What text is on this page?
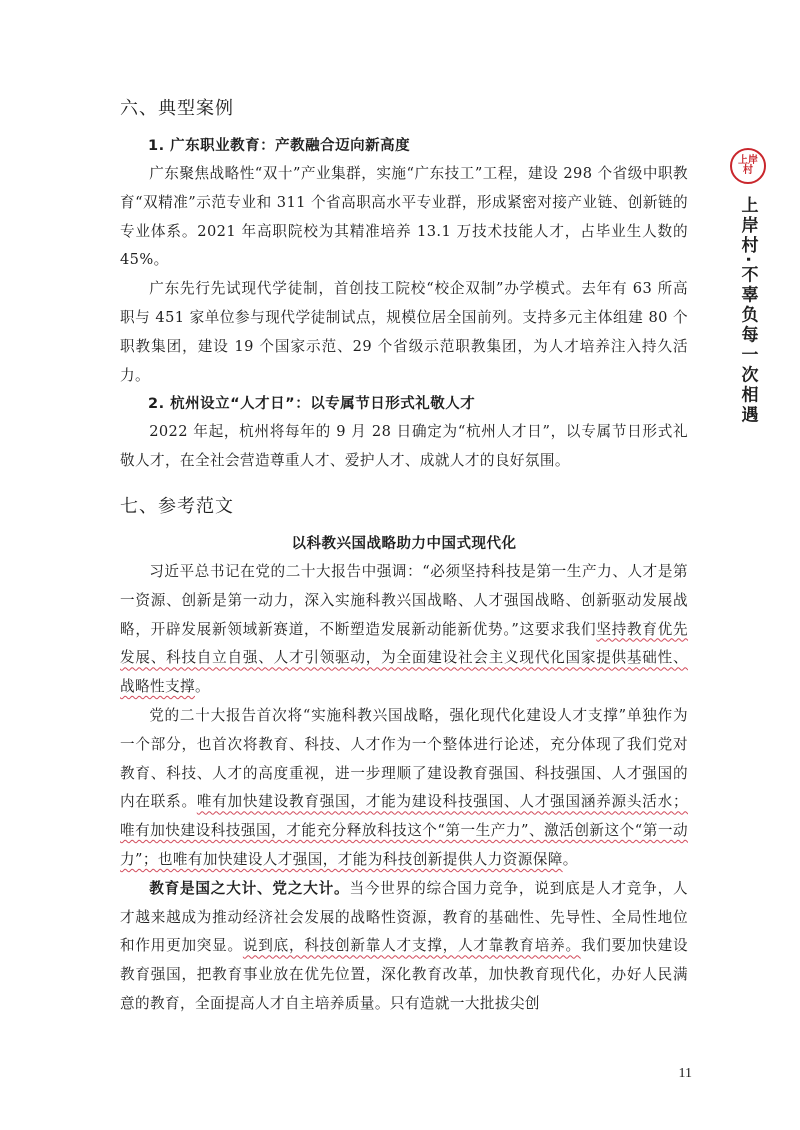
六、典型案例
1. 广东职业教育：产教融合迈向新高度

广东聚焦战略性“双十”产业集群，实施“广东技工”工程，建设 298 个省级中职教育“双精准”示范专业和 311 个省高职高水平专业群，形成紧密对接产业链、创新链的专业体系。2021 年高职院校为其精准培养 13.1 万技术技能人才，占毕业生人数的 45%。

广东先行先试现代学徒制，首创技工院校“校企双制”办学模式。去年有 63 所高职与 451 家单位参与现代学徒制试点，规模位居全国前列。支持多元主体组建 80 个职教集团，建设 19 个国家示范、29 个省级示范职教集团，为人才培养注入持久活力。

2. 杭州设立“人才日”：以专属节日形式礼敬人才

2022 年起，杭州将每年的 9 月 28 日确定为“杭州人才日”，以专属节日形式礼敬人才，在全社会营造尊重人才、爱护人才、成就人才的良好氛围。

七、参考范文
以科教兴国战略助力中国式现代化

习近平总书记在党的二十大报告中强调：“必须坚持科技是第一生产力、人才是第一资源、创新是第一动力，深入实施科教兴国战略、人才强国战略、创新驱动发展战略，开辟发展新领域新赛道，不断塑造发展新动能新优势。”这要求我们坚持教育优先发展、科技自立自强、人才引领驱动，为全面建设社会主义现代化国家提供基础性、战略性支撑。

党的二十大报告首次将“实施科教兴国战略，强化现代化建设人才支撑”单独作为一个部分，也首次将教育、科技、人才作为一个整体进行论述，充分体现了我们党对教育、科技、人才的高度重视，进一步理顺了建设教育强国、科技强国、人才强国的内在联系。唯有加快建设教育强国，才能为建设科技强国、人才强国涵养源头活水；唯有加快建设科技强国，才能充分释放科技这个“第一生产力”、激活创新这个“第一动力”；也唯有加快建设人才强国，才能为科技创新提供人力资源保障。

教育是国之大计、党之大计。当今世界的综合国力竞争，说到底是人才竞争，人才越来越成为推动经济社会发展的战略性资源，教育的基础性、先导性、全局性地位和作用更加突显。说到底，科技创新靠人才支撑，人才靠教育培养。我们要加快建设教育强国，把教育事业放在优先位置，深化教育改革，加快教育现代化，办好人民满意的教育，全面提高人才自主培养质量。只有造就一大批拔尖创

上岸村
上岸村·不辜负每一次相遇
11
